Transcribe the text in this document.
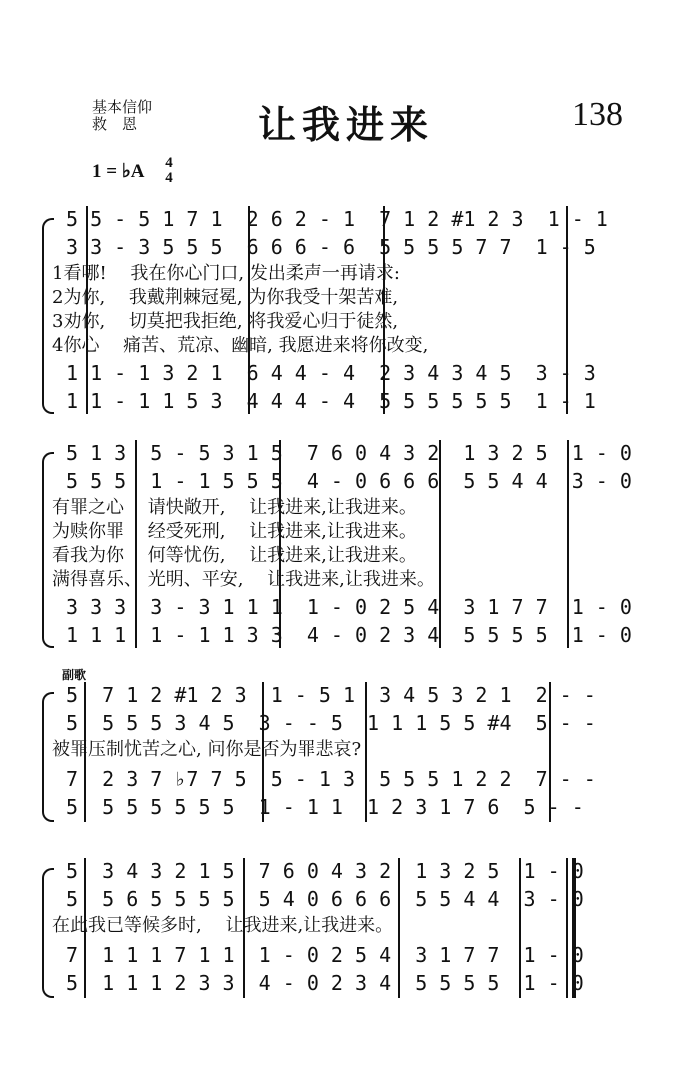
基本信仰
救　恩	让我进来	138
1 = ♭A 4
4
5 5 - 5 1 7 1  2 6 2 - 1  7 1 2 #1 2 3  1 - 1
3 3 - 3 5 5 5  6 6 6 - 6  5 5 5 5 7 7  1 - 5
1看哪!　 我在你心门口, 发出柔声一再请求:
2为你,　 我戴荆棘冠冕, 为你我受十架苦难,
3劝你,　 切莫把我拒绝, 将我爱心归于徒然,
4你心　 痛苦、荒凉、幽暗, 我愿进来将你改变,
1 1 - 1 3 2 1  6 4 4 - 4  2 3 4 3 4 5  3 - 3
1 1 - 1 1 5 3  4 4 4 - 4  5 5 5 5 5 5  1 - 1
5 1 3  5 - 5 3 1 5  7 6 0 4 3 2  1 3 2 5  1 - 0
5 5 5  1 - 1 5 5 5  4 - 0 6 6 6  5 5 4 4  3 - 0
有罪之心　 请快敞开,　 让我进来,让我进来。
为赎你罪　 经受死刑,　 让我进来,让我进来。
看我为你　 何等忧伤,　 让我进来,让我进来。
满得喜乐、 光明、平安,　 让我进来,让我进来。
3 3 3  3 - 3 1 1 1  1 - 0 2 5 4  3 1 7 7  1 - 0
1 1 1  1 - 1 1 3 3  4 - 0 2 3 4  5 5 5 5  1 - 0
副歌
5  7 1 2 #1 2 3  1 - 5 1  3 4 5 3 2 1  2 - -
5  5 5 5 3 4 5  3 - - 5  1 1 1 5 5 #4  5 - -
被罪压制忧苦之心, 问你是否为罪悲哀?
7  2 3 7 ♭7 7 5  5 - 1 3  5 5 5 1 2 2  7 - -
5  5 5 5 5 5 5  1 - 1 1  1 2 3 1 7 6  5 - -
5  3 4 3 2 1 5  7 6 0 4 3 2  1 3 2 5  1 - 0
5  5 6 5 5 5 5  5 4 0 6 6 6  5 5 4 4  3 - 0
在此我已等候多时,　 让我进来,让我进来。
7  1 1 1 7 1 1  1 - 0 2 5 4  3 1 7 7  1 - 0
5  1 1 1 2 3 3  4 - 0 2 3 4  5 5 5 5  1 - 0
